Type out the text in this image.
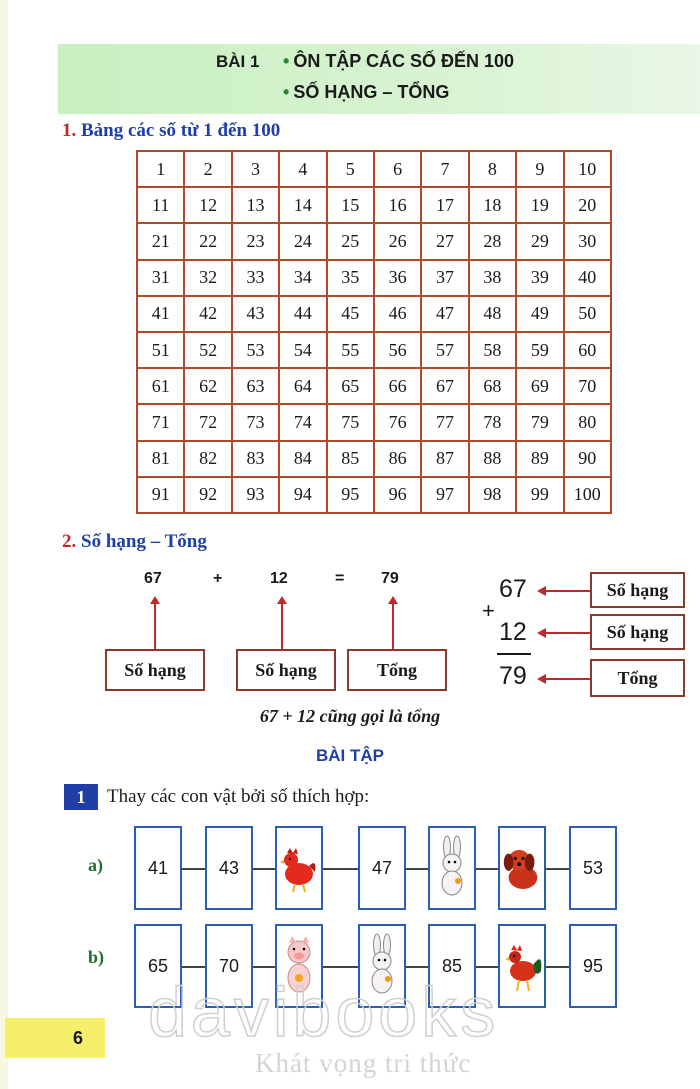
BÀI 1 • ÔN TẬP CÁC SỐ ĐẾN 100
• SỐ HẠNG – TỔNG
1. Bảng các số từ 1 đến 100
1	2	3	4	5	6	7	8	9	10
11	12	13	14	15	16	17	18	19	20
21	22	23	24	25	26	27	28	29	30
31	32	33	34	35	36	37	38	39	40
41	42	43	44	45	46	47	48	49	50
51	52	53	54	55	56	57	58	59	60
61	62	63	64	65	66	67	68	69	70
71	72	73	74	75	76	77	78	79	80
81	82	83	84	85	86	87	88	89	90
91	92	93	94	95	96	97	98	99	100
2. Số hạng – Tổng
67	+	12	= 79
Số hạng	Số hạng	Tổng
67
+
12
79
Số hạng
Số hạng
Tổng
67 + 12 cũng gọi là tổng
BÀI TẬP
1	Thay các con vật bởi số thích hợp:
a)
b)
41	43	47	53
65	70	85	95
davibooks
Khát vọng tri thức
6
